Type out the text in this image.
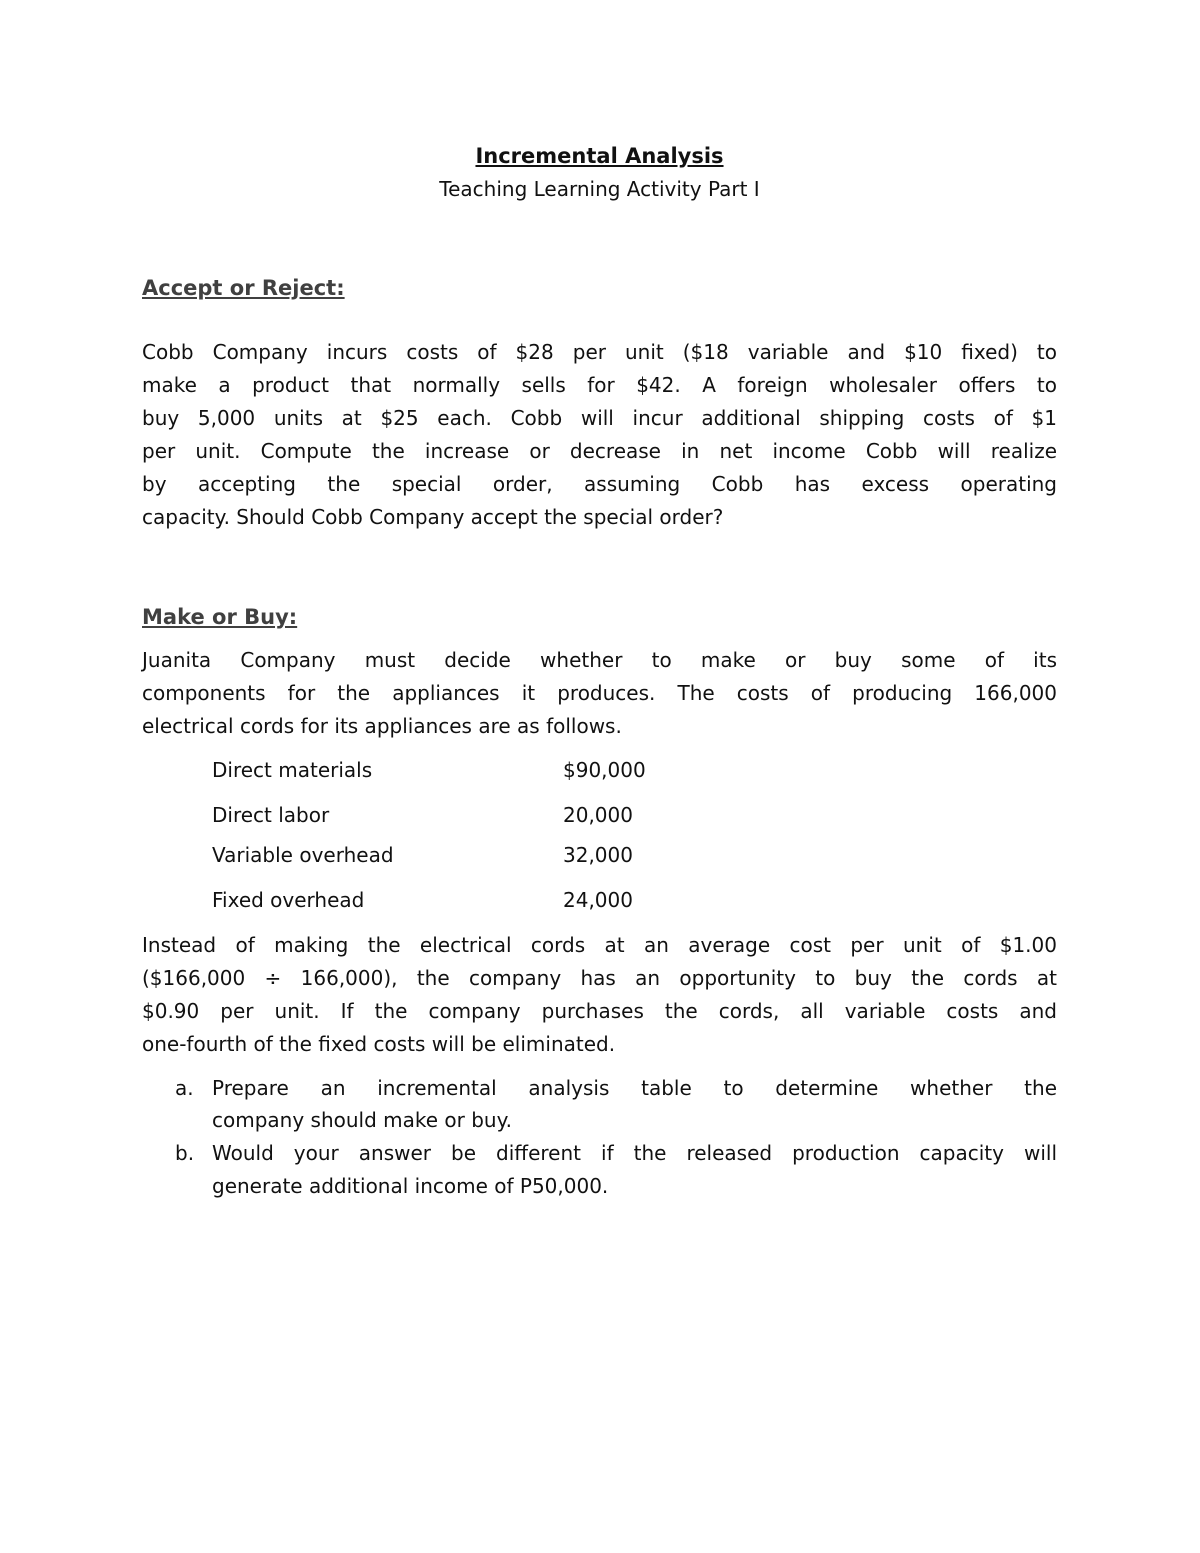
Incremental Analysis
Teaching Learning Activity Part I
Accept or Reject:
Cobb Company incurs costs of $28 per unit ($18 variable and $10 fixed) to
make a product that normally sells for $42. A foreign wholesaler offers to
buy 5,000 units at $25 each. Cobb will incur additional shipping costs of $1
per unit. Compute the increase or decrease in net income Cobb will realize
by accepting the special order, assuming Cobb has excess operating
capacity. Should Cobb Company accept the special order?
Make or Buy:
Juanita Company must decide whether to make or buy some of its
components for the appliances it produces. The costs of producing 166,000
electrical cords for its appliances are as follows.
Direct materials	$90,000
Direct labor	20,000
Variable overhead	32,000
Fixed overhead	24,000
Instead of making the electrical cords at an average cost per unit of $1.00
($166,000 ÷ 166,000), the company has an opportunity to buy the cords at
$0.90 per unit. If the company purchases the cords, all variable costs and
one-fourth of the fixed costs will be eliminated.
a. Prepare an incremental analysis table to determine whether the
company should make or buy.
b. Would your answer be different if the released production capacity will
generate additional income of P50,000.
